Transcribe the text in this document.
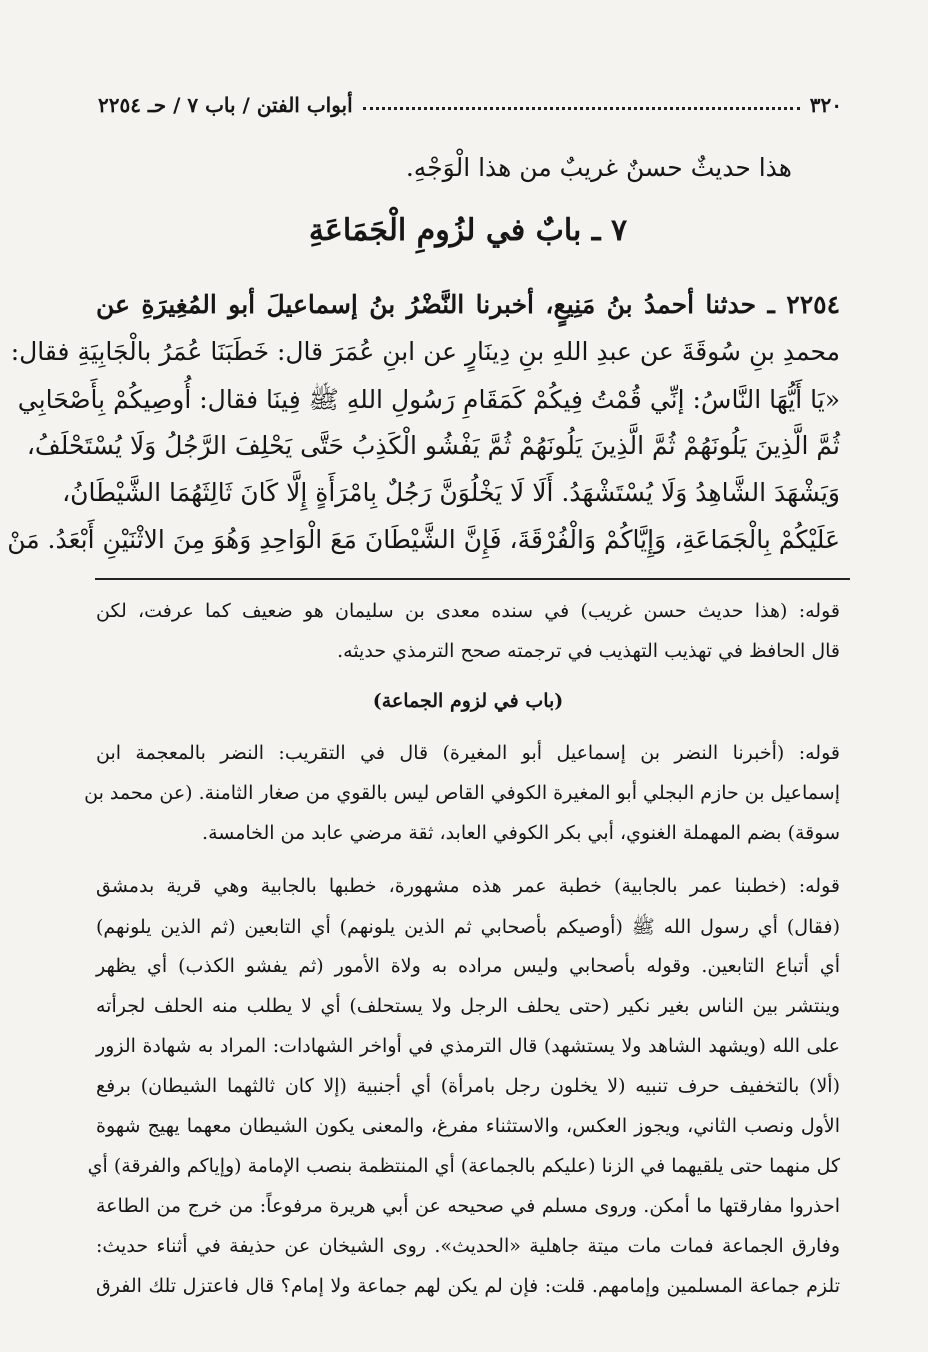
٣٢٠
أبواب الفتن / باب ٧ / حـ ٢٢٥٤
هذا حديثٌ حسنٌ غريبٌ من هذا الْوَجْهِ.
٧ ـ بابٌ في لزُومِ الْجَمَاعَةِ
٢٢٥٤ ـ حدثنا أحمدُ بنُ مَنِيعٍ، أخبرنا النَّضْرُ بنُ إسماعيلَ أبو المُغِيرَةِ عن
محمدِ بنِ سُوقَةَ عن عبدِ اللهِ بنِ دِينَارٍ عن ابنِ عُمَرَ قال: خَطَبَنَا عُمَرُ بالْجَابِيَةِ فقال:
«يَا أَيُّهَا النَّاسُ: إنِّي قُمْتُ فِيكُمْ كَمَقَامِ رَسُولِ اللهِ ﷺ فِينَا فقال: أُوصِيكُمْ بِأَصْحَابِي
ثُمَّ الَّذِينَ يَلُونَهُمْ ثُمَّ الَّذِينَ يَلُونَهُمْ ثُمَّ يَفْشُو الْكَذِبُ حَتَّى يَحْلِفَ الرَّجُلُ وَلَا يُسْتَحْلَفُ،
وَيَشْهَدَ الشَّاهِدُ وَلَا يُسْتَشْهَدُ. أَلَا لَا يَخْلُوَنَّ رَجُلٌ بِامْرَأَةٍ إِلَّا كَانَ ثَالِثَهُمَا الشَّيْطَانُ،
عَلَيْكُمْ بِالْجَمَاعَةِ، وَإِيَّاكُمْ وَالْفُرْقَةَ، فَإِنَّ الشَّيْطَانَ مَعَ الْوَاحِدِ وَهُوَ مِنَ الاثْنَيْنِ أَبْعَدُ. مَنْ
قوله: (هذا حديث حسن غريب) في سنده معدى بن سليمان هو ضعيف كما عرفت، لكن
قال الحافظ في تهذيب التهذيب في ترجمته صحح الترمذي حديثه.
(باب في لزوم الجماعة)
قوله: (أخبرنا النضر بن إسماعيل أبو المغيرة) قال في التقريب: النضر بالمعجمة ابن
إسماعيل بن حازم البجلي أبو المغيرة الكوفي القاص ليس بالقوي من صغار الثامنة. (عن محمد بن
سوقة) بضم المهملة الغنوي، أبي بكر الكوفي العابد، ثقة مرضي عابد من الخامسة.
قوله: (خطبنا عمر بالجابية) خطبة عمر هذه مشهورة، خطبها بالجابية وهي قرية بدمشق
(فقال) أي رسول الله ﷺ (أوصيكم بأصحابي ثم الذين يلونهم) أي التابعين (ثم الذين يلونهم)
أي أتباع التابعين. وقوله بأصحابي وليس مراده به ولاة الأمور (ثم يفشو الكذب) أي يظهر
وينتشر بين الناس بغير نكير (حتى يحلف الرجل ولا يستحلف) أي لا يطلب منه الحلف لجرأته
على الله (ويشهد الشاهد ولا يستشهد) قال الترمذي في أواخر الشهادات: المراد به شهادة الزور
(ألا) بالتخفيف حرف تنبيه (لا يخلون رجل بامرأة) أي أجنبية (إلا كان ثالثهما الشيطان) برفع
الأول ونصب الثاني، ويجوز العكس، والاستثناء مفرغ، والمعنى يكون الشيطان معهما يهيج شهوة
كل منهما حتى يلقيهما في الزنا (عليكم بالجماعة) أي المنتظمة بنصب الإمامة (وإياكم والفرقة) أي
احذروا مفارقتها ما أمكن. وروى مسلم في صحيحه عن أبي هريرة مرفوعاً: من خرج من الطاعة
وفارق الجماعة فمات مات ميتة جاهلية «الحديث». روى الشيخان عن حذيفة في أثناء حديث:
تلزم جماعة المسلمين وإمامهم. قلت: فإن لم يكن لهم جماعة ولا إمام؟ قال فاعتزل تلك الفرق
